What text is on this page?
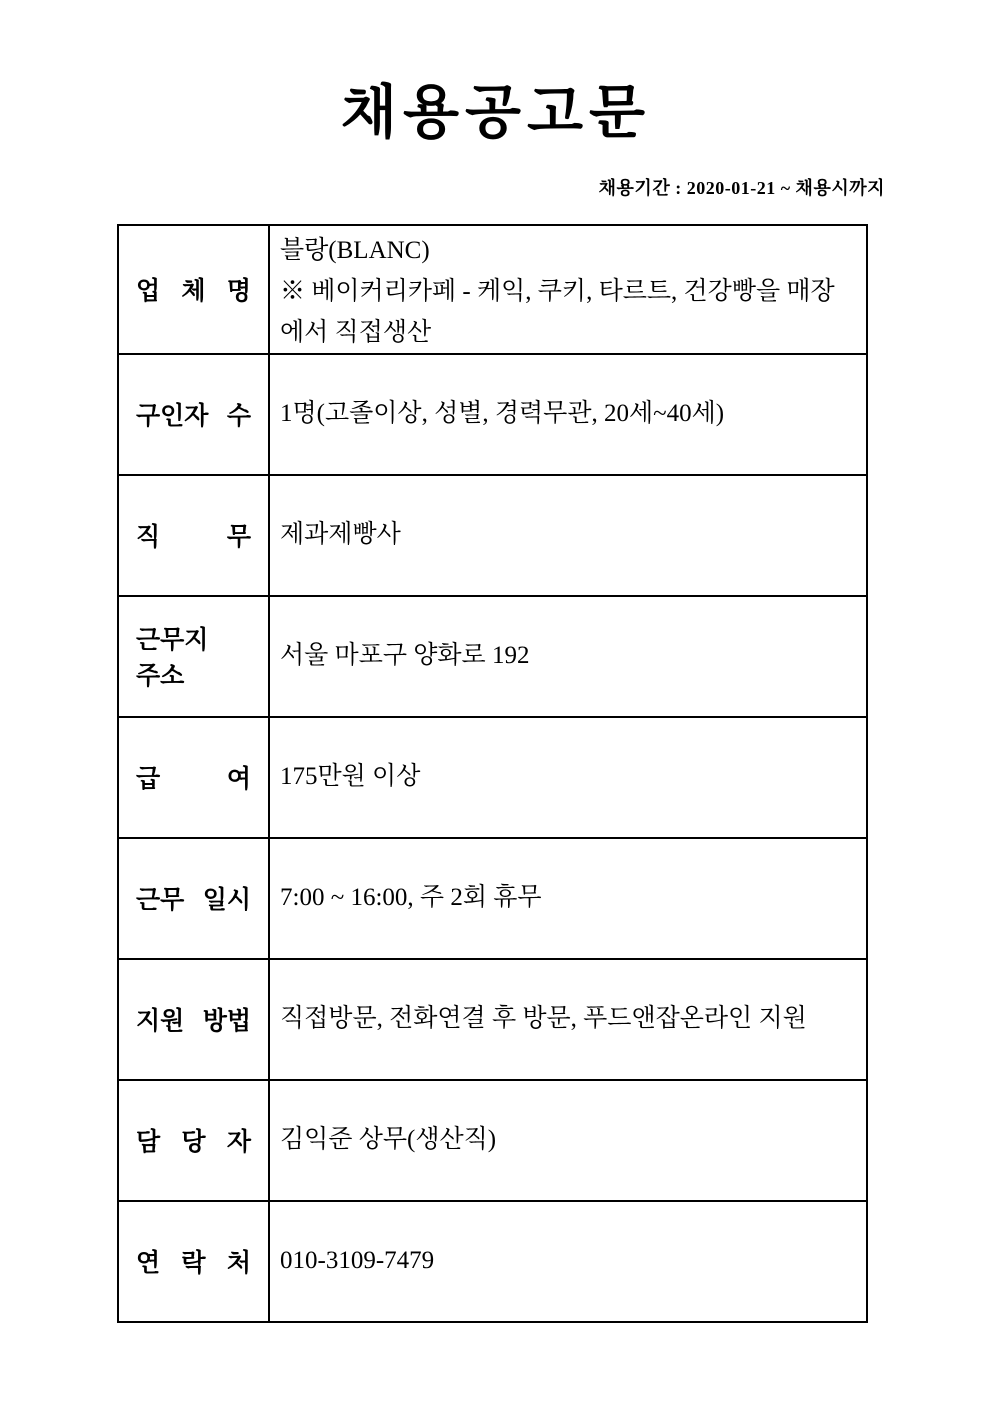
채용공고문
채용기간 : 2020-01-21 ~ 채용시까지
업 체 명	블랑(BLANC)
※ 베이커리카페 - 케익, 쿠키, 타르트, 건강빵을 매장에서 직접생산

구인자 수	1명(고졸이상, 성별, 경력무관, 20세~40세)

직 무	제과제빵사

근무지 주소	서울 마포구 양화로 192

급 여	175만원 이상

근무 일시	7:00 ~ 16:00, 주 2회 휴무

지원 방법	직접방문, 전화연결 후 방문, 푸드앤잡온라인 지원

담 당 자	김익준 상무(생산직)

연 락 처	010-3109-7479
